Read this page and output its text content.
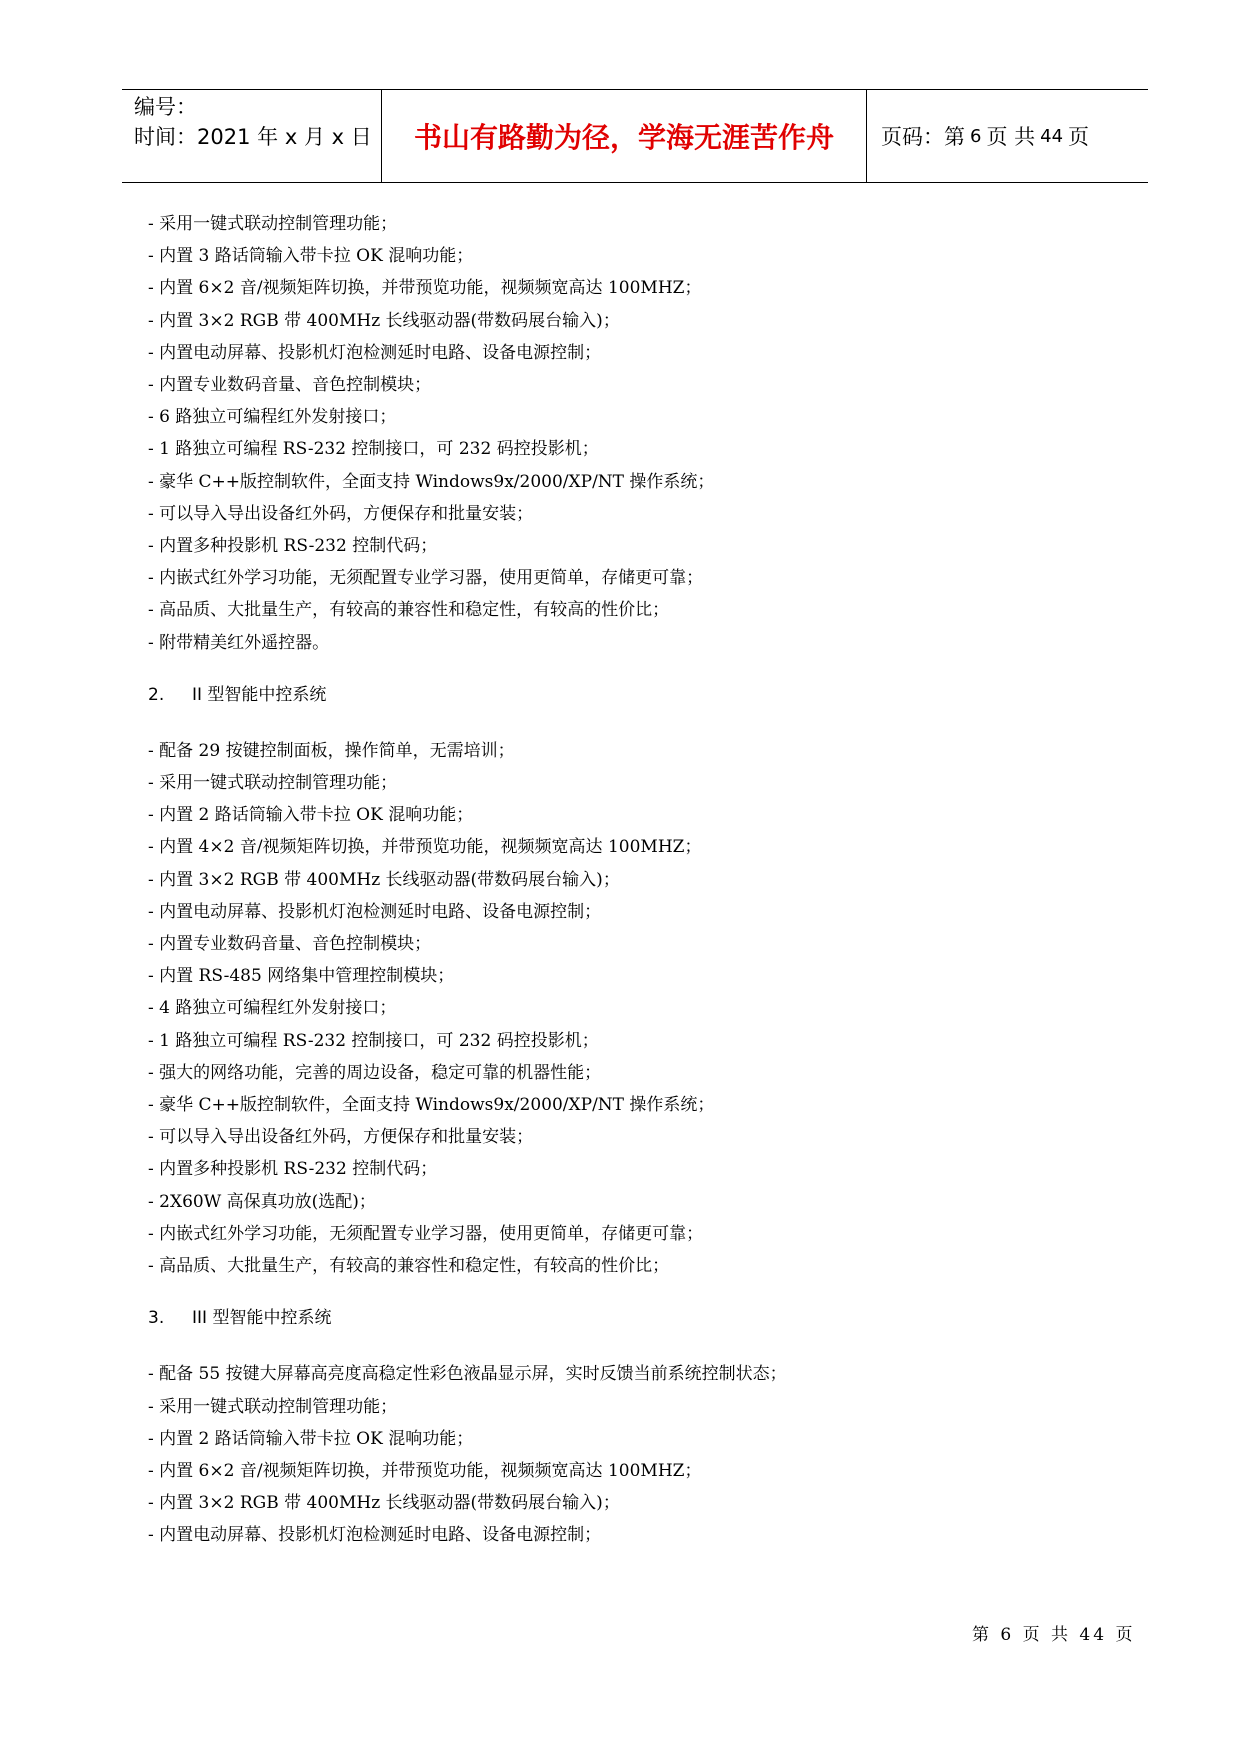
编号：
时间：2021 年 x 月 x 日	书山有路勤为径，学海无涯苦作舟	页码：第 6 页 共 44 页
- 采用一键式联动控制管理功能；
- 内置 3 路话筒输入带卡拉 OK 混响功能；
- 内置 6×2 音/视频矩阵切换，并带预览功能，视频频宽高达 100MHZ；
- 内置 3×2 RGB 带 400MHz 长线驱动器(带数码展台输入)；
- 内置电动屏幕、投影机灯泡检测延时电路、设备电源控制；
- 内置专业数码音量、音色控制模块；
- 6 路独立可编程红外发射接口；
- 1 路独立可编程 RS-232 控制接口，可 232 码控投影机；
- 豪华 C++版控制软件，全面支持 Windows9x/2000/XP/NT 操作系统；
- 可以导入导出设备红外码，方便保存和批量安装；
- 内置多种投影机 RS-232 控制代码；
- 内嵌式红外学习功能，无须配置专业学习器，使用更简单，存储更可靠；
- 高品质、大批量生产，有较高的兼容性和稳定性，有较高的性价比；
- 附带精美红外遥控器。
2. II 型智能中控系统
- 配备 29 按键控制面板，操作简单，无需培训；
- 采用一键式联动控制管理功能；
- 内置 2 路话筒输入带卡拉 OK 混响功能；
- 内置 4×2 音/视频矩阵切换，并带预览功能，视频频宽高达 100MHZ；
- 内置 3×2 RGB 带 400MHz 长线驱动器(带数码展台输入)；
- 内置电动屏幕、投影机灯泡检测延时电路、设备电源控制；
- 内置专业数码音量、音色控制模块；
- 内置 RS-485 网络集中管理控制模块；
- 4 路独立可编程红外发射接口；
- 1 路独立可编程 RS-232 控制接口，可 232 码控投影机；
- 强大的网络功能，完善的周边设备，稳定可靠的机器性能；
- 豪华 C++版控制软件，全面支持 Windows9x/2000/XP/NT 操作系统；
- 可以导入导出设备红外码，方便保存和批量安装；
- 内置多种投影机 RS-232 控制代码；
- 2X60W 高保真功放(选配)；
- 内嵌式红外学习功能，无须配置专业学习器，使用更简单，存储更可靠；
- 高品质、大批量生产，有较高的兼容性和稳定性，有较高的性价比；
3. III 型智能中控系统
- 配备 55 按键大屏幕高亮度高稳定性彩色液晶显示屏，实时反馈当前系统控制状态；
- 采用一键式联动控制管理功能；
- 内置 2 路话筒输入带卡拉 OK 混响功能；
- 内置 6×2 音/视频矩阵切换，并带预览功能，视频频宽高达 100MHZ；
- 内置 3×2 RGB 带 400MHz 长线驱动器(带数码展台输入)；
- 内置电动屏幕、投影机灯泡检测延时电路、设备电源控制；
第 6 页 共 44 页
